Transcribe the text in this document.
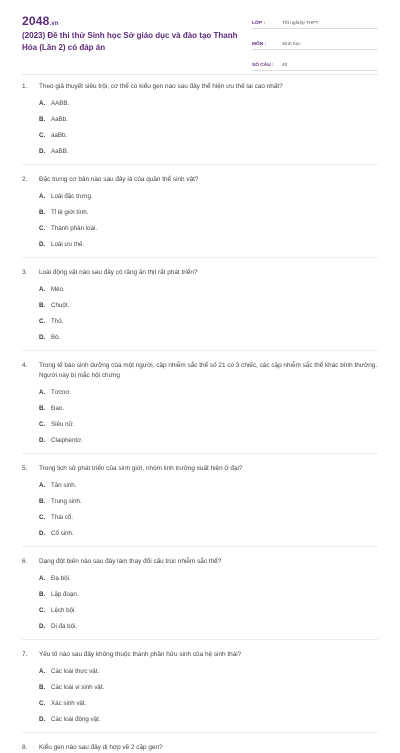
2048.vn
(2023) Đề thi thử Sinh học Sở giáo dục và đào tạo Thanh Hóa (Lần 2) có đáp án
LỚP :	Tốt nghiệp THPT
MÔN :	Sinh học
SỐ CÂU :	40
1.	Theo giả thuyết siêu trội, cơ thể có kiểu gen nào sau đây thể hiện ưu thế lai cao nhất?
A. AABB.
B. AaBb.
C. aaBb.
D. AaBB.
2.	Đặc trưng cơ bản nào sau đây là của quần thể sinh vật?
A. Loài đặc trưng.
B. Tỉ lệ giới tính.
C. Thành phần loài.
D. Loài ưu thế.
3.	Loài động vật nào sau đây có răng ăn thịt rất phát triển?
A. Mèo.
B. Chuột.
C. Thỏ.
D. Bò.
4.	Trong tế bào sinh dưỡng của một người, cặp nhiễm sắc thể số 21 có 3 chiếc, các cặp nhiễm sắc thể khác bình thường. Người này bị mắc hội chứng
A. Tơcnơ.
B. Đao.
C. Siêu nữ.
D. Claiphentơ.
5.	Trong lịch sử phát triển của sinh giới, nhóm linh trưởng xuất hiện ở đại?
A. Tân sinh.
B. Trung sinh.
C. Thái cổ.
D. Cổ sinh.
6.	Dạng đột biến nào sau đây làm thay đổi cấu trúc nhiễm sắc thể?
A. Đa bội.
B. Lặp đoạn.
C. Lệch bội.
D. Dị đa bội.
7.	Yếu tố nào sau đây không thuộc thành phần hữu sinh của hệ sinh thái?
A. Các loài thực vật.
B. Các loài vi sinh vật.
C. Xác sinh vật.
D. Các loài động vật.
8.	Kiểu gen nào sau đây dị hợp về 2 cặp gen?
